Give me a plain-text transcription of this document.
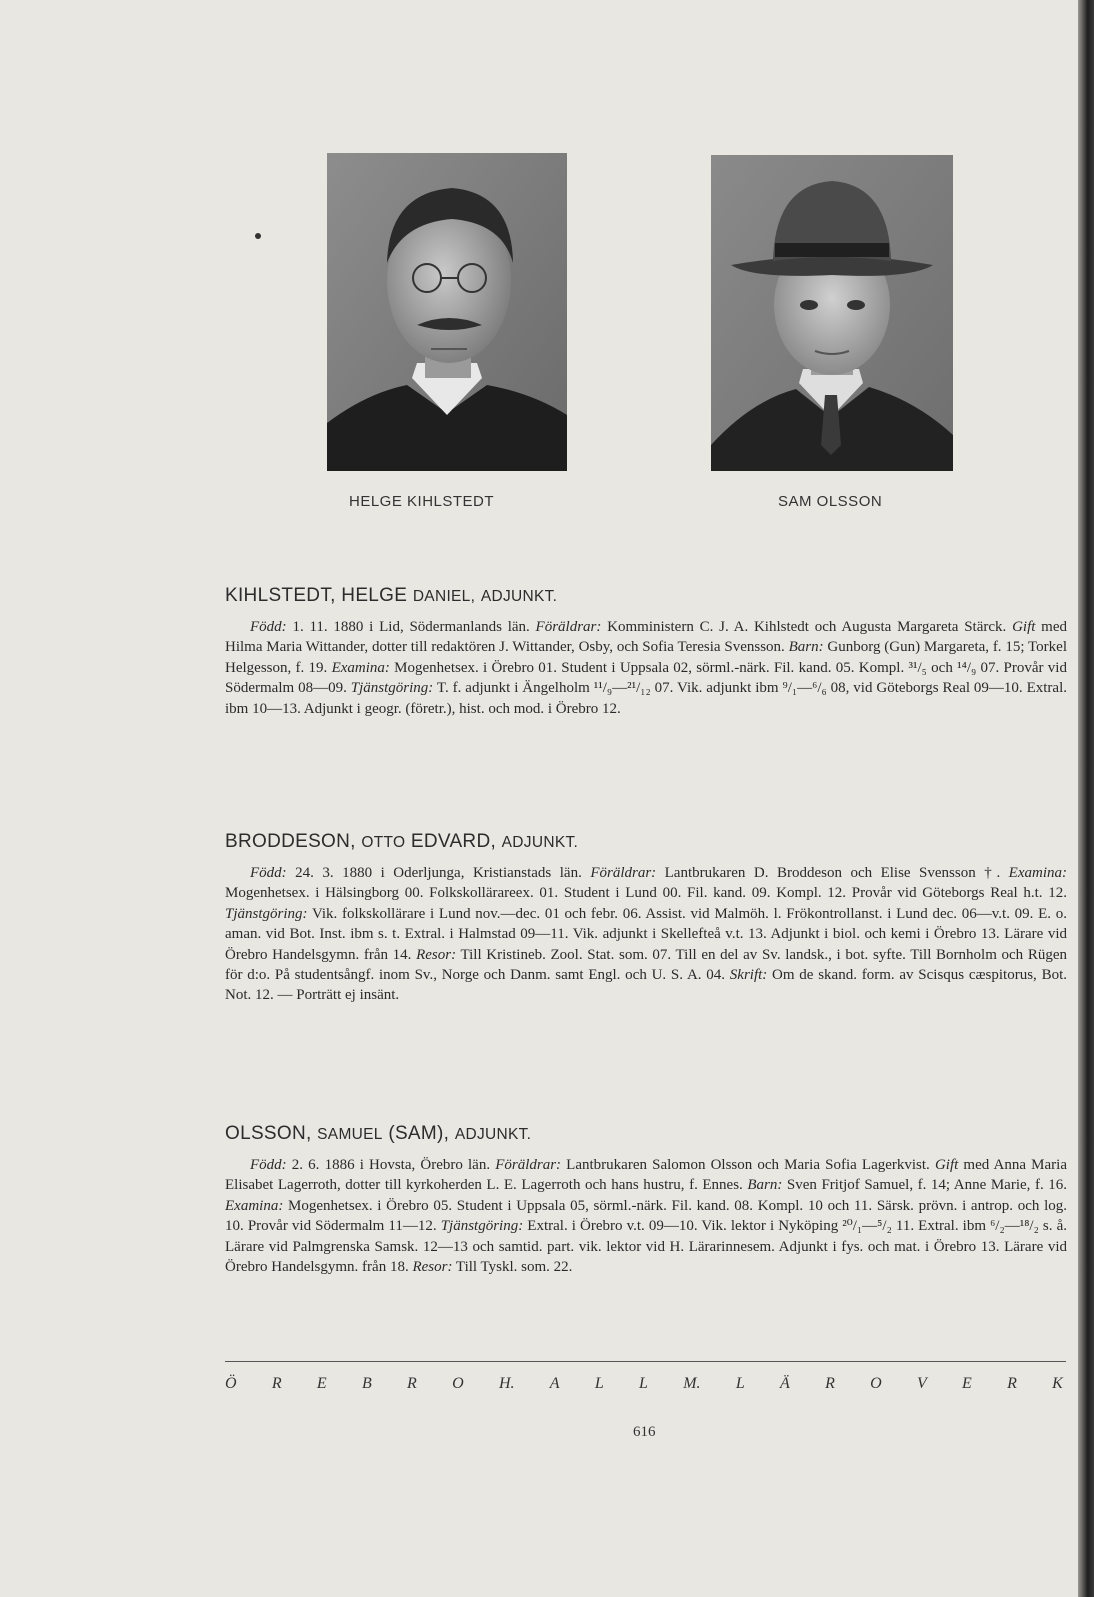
HELGE KIHLSTEDT	SAM OLSSON

KIHLSTEDT, HELGE DANIEL, ADJUNKT.

Född: 1. 11. 1880 i Lid, Södermanlands län. Föräldrar: Komministern C. J. A. Kihlstedt och Augusta Margareta Stärck. Gift med Hilma Maria Wittander, dotter till redaktören J. Wittander, Osby, och Sofia Teresia Svensson. Barn: Gunborg (Gun) Margareta, f. 15; Torkel Helgesson, f. 19. Examina: Mogenhetsex. i Örebro 01. Student i Uppsala 02, sörml.-närk. Fil. kand. 05. Kompl. ³¹/₅ och ¹⁴/₉ 07. Provår vid Södermalm 08—09. Tjänstgöring: T. f. adjunkt i Ängelholm ¹¹/₉—²¹/₁₂ 07. Vik. adjunkt ibm ⁹/₁—⁶/₆ 08, vid Göteborgs Real 09—10. Extral. ibm 10—13. Adjunkt i geogr. (företr.), hist. och mod. i Örebro 12.

BRODDESON, OTTO EDVARD, ADJUNKT.

Född: 24. 3. 1880 i Oderljunga, Kristianstads län. Föräldrar: Lantbrukaren D. Broddeson och Elise Svensson †. Examina: Mogenhetsex. i Hälsingborg 00. Folkskollärareex. 01. Student i Lund 00. Fil. kand. 09. Kompl. 12. Provår vid Göteborgs Real h.t. 12. Tjänstgöring: Vik. folkskollärare i Lund nov.—dec. 01 och febr. 06. Assist. vid Malmöh. l. Frökontrollanst. i Lund dec. 06—v.t. 09. E. o. aman. vid Bot. Inst. ibm s. t. Extral. i Halmstad 09—11. Vik. adjunkt i Skellefteå v.t. 13. Adjunkt i biol. och kemi i Örebro 13. Lärare vid Örebro Handelsgymn. från 14. Resor: Till Kristineb. Zool. Stat. som. 07. Till en del av Sv. landsk., i bot. syfte. Till Bornholm och Rügen för d:o. På studentsångf. inom Sv., Norge och Danm. samt Engl. och U. S. A. 04. Skrift: Om de skand. form. av Scisqus cæspitorus, Bot. Not. 12. — Porträtt ej insänt.

OLSSON, SAMUEL (SAM), ADJUNKT.

Född: 2. 6. 1886 i Hovsta, Örebro län. Föräldrar: Lantbrukaren Salomon Olsson och Maria Sofia Lagerkvist. Gift med Anna Maria Elisabet Lagerroth, dotter till kyrkoherden L. E. Lagerroth och hans hustru, f. Ennes. Barn: Sven Fritjof Samuel, f. 14; Anne Marie, f. 16. Examina: Mogenhetsex. i Örebro 05. Student i Uppsala 05, sörml.-närk. Fil. kand. 08. Kompl. 10 och 11. Särsk. prövn. i antrop. och log. 10. Provår vid Södermalm 11—12. Tjänstgöring: Extral. i Örebro v.t. 09—10. Vik. lektor i Nyköping ²⁰/₁—⁵/₂ 11. Extral. ibm ⁶/₂—¹⁸/₂ s. å. Lärare vid Palmgrenska Samsk. 12—13 och samtid. part. vik. lektor vid H. Lärarinnesem. Adjunkt i fys. och mat. i Örebro 13. Lärare vid Örebro Handelsgymn. från 18. Resor: Till Tyskl. som. 22.

Ö R E B R O H. A L L M. L Ä R O V E R K
616
